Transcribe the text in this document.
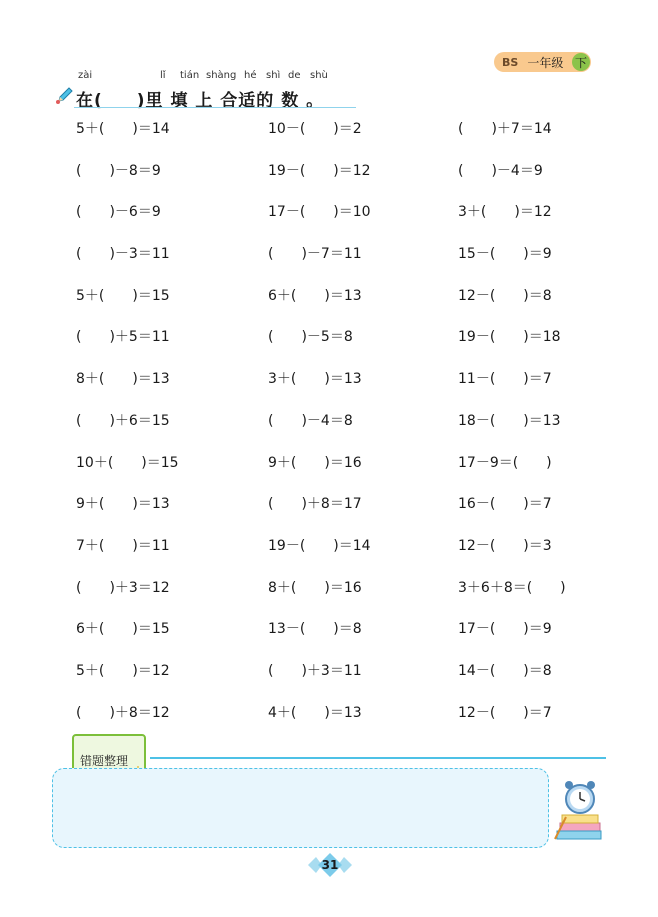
BS 一年级 下
zài	lǐ tián shàng hé shì de shù
在( )里 填 上 合适的 数 。
5＋(　　)＝14	10－(　　)＝2	(　　)＋7＝14
(　　)－8＝9	19－(　　)＝12	(　　)－4＝9
(　　)－6＝9	17－(　　)＝10	3＋(　　)＝12
(　　)－3＝11	(　　)－7＝11	15－(　　)＝9
5＋(　　)＝15	6＋(　　)＝13	12－(　　)＝8
(　　)＋5＝11	(　　)－5＝8	19－(　　)＝18
8＋(　　)＝13	3＋(　　)＝13	11－(　　)＝7
(　　)＋6＝15	(　　)－4＝8	18－(　　)＝13
10＋(　　)＝15	9＋(　　)＝16	17－9＝(　　)
9＋(　　)＝13	(　　)＋8＝17	16－(　　)＝7
7＋(　　)＝11	19－(　　)＝14	12－(　　)＝3
(　　)＋3＝12	8＋(　　)＝16	3＋6＋8＝(　　)
6＋(　　)＝15	13－(　　)＝8	17－(　　)＝9
5＋(　　)＝12	(　　)＋3＝11	14－(　　)＝8
(　　)＋8＝12	4＋(　　)＝13	12－(　　)＝7
错题整理
31
